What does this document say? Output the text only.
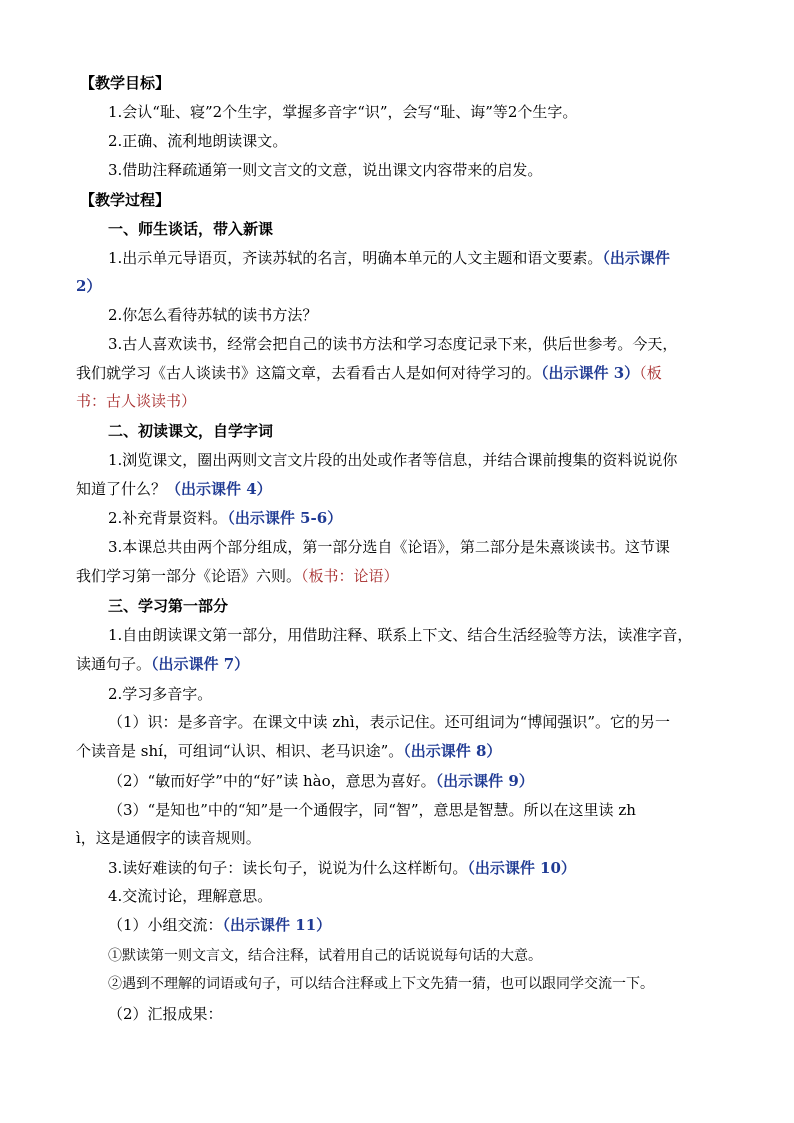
【教学目标】
1.会认“耻、寝”2个生字，掌握多音字“识”，会写“耻、诲”等2个生字。
2.正确、流利地朗读课文。
3.借助注释疏通第一则文言文的文意，说出课文内容带来的启发。
【教学过程】
一、师生谈话，带入新课
1.出示单元导语页，齐读苏轼的名言，明确本单元的人文主题和语文要素。（出示课件
2）
2.你怎么看待苏轼的读书方法？
3.古人喜欢读书，经常会把自己的读书方法和学习态度记录下来，供后世参考。今天，
我们就学习《古人谈读书》这篇文章，去看看古人是如何对待学习的。（出示课件 3）（板
书：古人谈读书）
二、初读课文，自学字词
1.浏览课文，圈出两则文言文片段的出处或作者等信息，并结合课前搜集的资料说说你
知道了什么？（出示课件 4）
2.补充背景资料。（出示课件 5-6）
3.本课总共由两个部分组成，第一部分选自《论语》，第二部分是朱熹谈读书。这节课
我们学习第一部分《论语》六则。（板书：论语）
三、学习第一部分
1.自由朗读课文第一部分，用借助注释、联系上下文、结合生活经验等方法，读准字音，
读通句子。（出示课件 7）
2.学习多音字。
（1）识：是多音字。在课文中读 zhì，表示记住。还可组词为“博闻强识”。它的另一
个读音是 shí，可组词“认识、相识、老马识途”。（出示课件 8）
（2）“敏而好学”中的“好”读 hào，意思为喜好。（出示课件 9）
（3）“是知也”中的“知”是一个通假字，同“智”，意思是智慧。所以在这里读 zh
ì，这是通假字的读音规则。
3.读好难读的句子：读长句子，说说为什么这样断句。（出示课件 10）
4.交流讨论，理解意思。
（1）小组交流：（出示课件 11）
①默读第一则文言文，结合注释，试着用自己的话说说每句话的大意。
②遇到不理解的词语或句子，可以结合注释或上下文先猜一猜，也可以跟同学交流一下。
（2）汇报成果：
